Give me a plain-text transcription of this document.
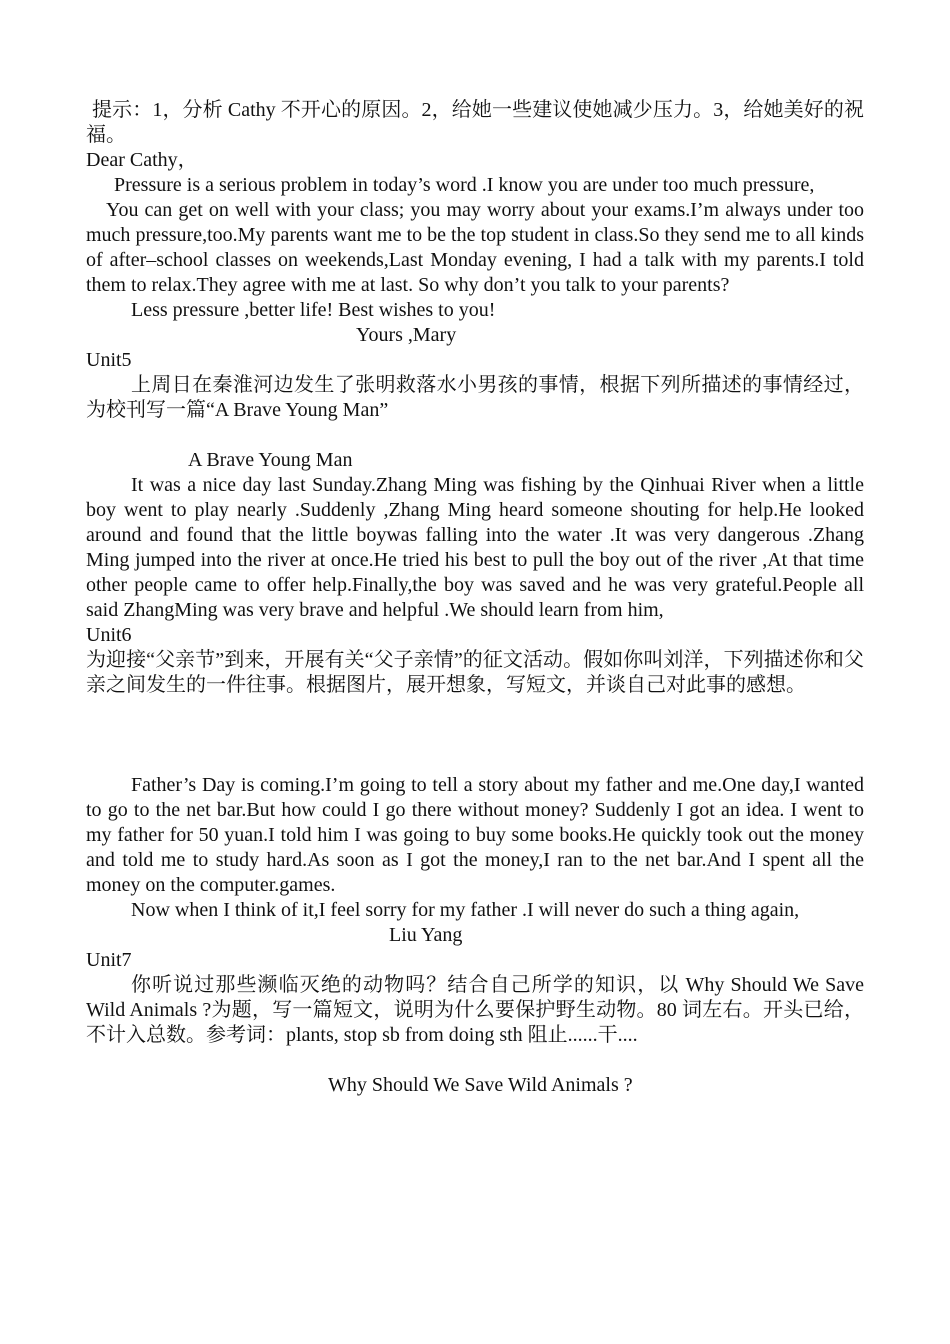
提示：1，分析 Cathy 不开心的原因。2，给她一些建议使她减少压力。3，给她美好的祝福。

Dear Cathy，

Pressure is a serious problem in today’s word .I know you are under too much pressure,

You can get on well with your class; you may worry about your exams.I’m always under too much pressure,too.My parents want me to be the top student in class.So they send me to all kinds of after–school classes on weekends,Last Monday evening, I had a talk with my parents.I told them to relax.They agree with me at last. So why don’t you talk to your parents?

Less pressure ,better life! Best wishes to you!

Yours ,Mary

Unit5

上周日在秦淮河边发生了张明救落水小男孩的事情，根据下列所描述的事情经过，为校刊写一篇“A Brave Young Man”

A Brave Young Man

It was a nice day last Sunday.Zhang Ming was fishing by the Qinhuai River when a little boy went to play nearly .Suddenly ,Zhang Ming heard someone shouting for help.He looked around and found that the little boywas falling into the water .It was very dangerous .Zhang Ming jumped into the river at once.He tried his best to pull the boy out of the river ,At that time other people came to offer help.Finally,the boy was saved and he was very grateful.People all said ZhangMing was very brave and helpful .We should learn from him,

Unit6

为迎接“父亲节”到来，开展有关“父子亲情”的征文活动。假如你叫刘洋，下列描述你和父亲之间发生的一件往事。根据图片，展开想象，写短文，并谈自己对此事的感想。

Father’s Day is coming.I’m going to tell a story about my father and me.One day,I wanted to go to the net bar.But how could I go there without money? Suddenly I got an idea. I went to my father for 50 yuan.I told him I was going to buy some books.He quickly took out the money and told me to study hard.As soon as I got the money,I ran to the net bar.And I spent all the money on the computer.games.

Now when I think of it,I feel sorry for my father .I will never do such a thing again,

Liu Yang

Unit7

你听说过那些濒临灭绝的动物吗？结合自己所学的知识，以 Why Should We Save Wild Animals ?为题，写一篇短文，说明为什么要保护野生动物。80 词左右。开头已给，不计入总数。参考词：plants, stop sb from doing sth 阻止......干....

Why Should We Save Wild Animals ?
